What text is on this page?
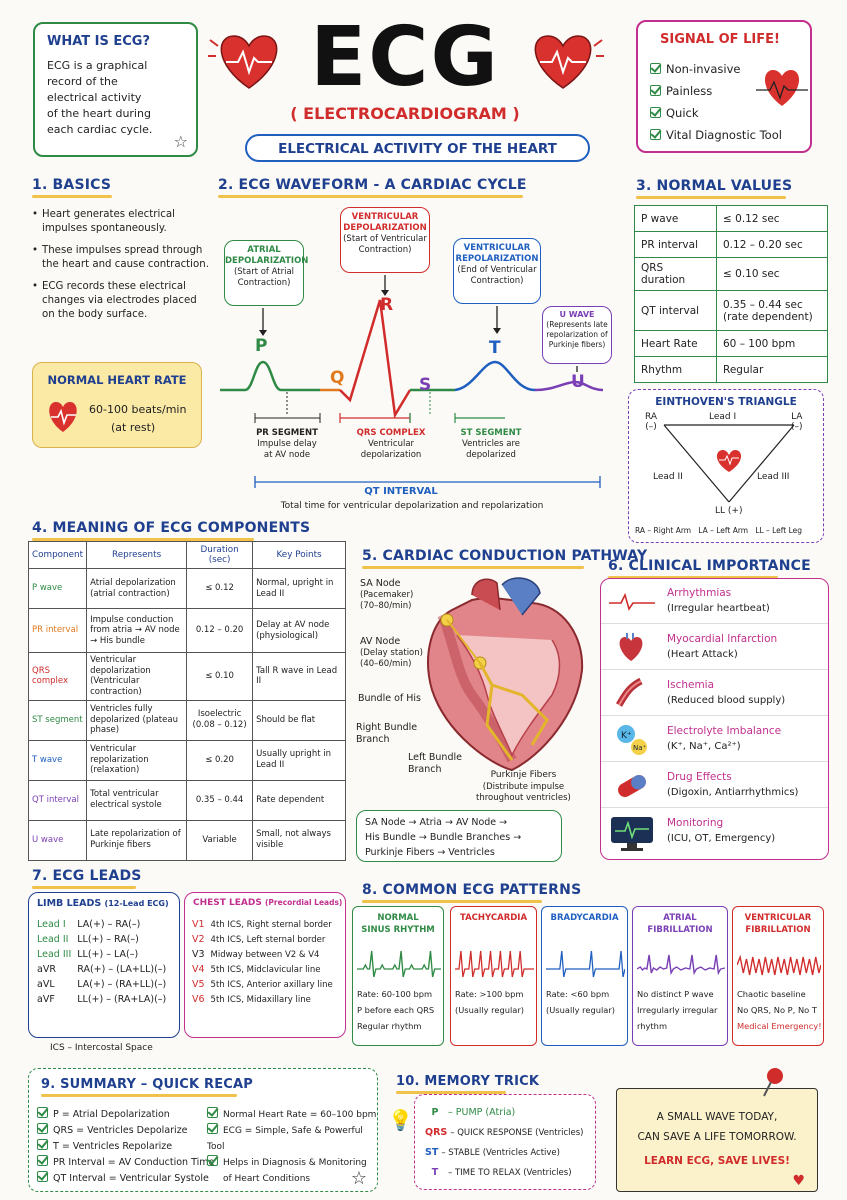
WHAT IS ECG?
ECG is a graphical
record of the
electrical activity
of the heart during
each cardiac cycle.
☆
ECG
( ELECTROCARDIOGRAM )
ELECTRICAL ACTIVITY OF THE HEART
SIGNAL OF LIFE!
Non-invasive
Painless
Quick
Vital Diagnostic Tool
1. BASICS
• Heart generates electrical
impulses spontaneously.
• These impulses spread through
the heart and cause contraction.
• ECG records these electrical
changes via electrodes placed
on the body surface.
NORMAL HEART RATE
60-100 beats/min
(at rest)
2. ECG WAVEFORM - A CARDIAC CYCLE
ATRIAL
DEPOLARIZATION
(Start of Atrial
Contraction)
VENTRICULAR
DEPOLARIZATION
(Start of Ventricular
Contraction)	VENTRICULAR
REPOLARIZATION
(End of Ventricular
Contraction)
U WAVE
(Represents late
repolarization of
Purkinje fibers)
P
Q
R
S
T
U
PR SEGMENT
Impulse delay
at AV node
QRS COMPLEX
Ventricular
depolarization
ST SEGMENT
Ventricles are
depolarized
QT INTERVAL
Total time for ventricular depolarization and repolarization
3. NORMAL VALUES
P wave	≤ 0.12 sec
PR interval	0.12 – 0.20 sec
QRS duration	≤ 0.10 sec
QT interval	0.35 – 0.44 sec
(rate dependent)

Heart Rate	60 – 100 bpm
Rhythm	Regular
EINTHOVEN'S TRIANGLE
RA
(–)
LA
(–)
LL (+)
Lead I
Lead II	Lead III
RA – Right Arm   LA – Left Arm   LL – Left Leg
4. MEANING OF ECG COMPONENTS
Component	Represents	Duration (sec)	Key Points
P wave	Atrial depolarization (atrial contraction)	≤ 0.12	Normal, upright in Lead II
PR interval	Impulse conduction from atria → AV node → His bundle	0.12 – 0.20	Delay at AV node (physiological)
QRS complex	Ventricular depolarization (Ventricular contraction)	≤ 0.10	Tall R wave in Lead II
ST segment	Ventricles fully depolarized (plateau phase)	Isoelectric (0.08 – 0.12)	Should be flat
T wave	Ventricular repolarization (relaxation)	≤ 0.20	Usually upright in Lead II
QT interval	Total ventricular electrical systole	0.35 – 0.44	Rate dependent
U wave	Late repolarization of Purkinje fibers	Variable	Small, not always visible
5. CARDIAC CONDUCTION PATHWAY
SA Node
(Pacemaker)
(70–80/min)
AV Node
(Delay station)
(40–60/min)
Bundle of His
Right Bundle
Branch
Left Bundle
Branch	Purkinje Fibers
(Distribute impulse
throughout ventricles)
SA Node → Atria → AV Node →
His Bundle → Bundle Branches →
Purkinje Fibers → Ventricles
6. CLINICAL IMPORTANCE
Arrhythmias
(Irregular heartbeat)
Myocardial Infarction
(Heart Attack)
Ischemia
(Reduced blood supply)
K⁺
Na⁺
Electrolyte Imbalance
(K⁺, Na⁺, Ca²⁺)
Drug Effects
(Digoxin, Antiarrhythmics)
Monitoring
(ICU, OT, Emergency)
7. ECG LEADS
LIMB LEADS (12-Lead ECG)
Lead I	LA(+) – RA(–)
Lead II	LL(+) – RA(–)
Lead III	LL(+) – LA(–)
aVR	RA(+) – (LA+LL)(–)
aVL	LA(+) – (RA+LL)(–)
aVF	LL(+) – (RA+LA)(–)
CHEST LEADS (Precordial Leads)
V1	4th ICS, Right sternal border
V2	4th ICS, Left sternal border
V3	Midway between V2 & V4
V4	5th ICS, Midclavicular line
V5	5th ICS, Anterior axillary line
V6	5th ICS, Midaxillary line
ICS – Intercostal Space
8. COMMON ECG PATTERNS
NORMAL
SINUS RHYTHM
Rate: 60-100 bpm
P before each QRS
Regular rhythm
TACHYCARDIA
Rate: >100 bpm
(Usually regular)
BRADYCARDIA
Rate: <60 bpm
(Usually regular)
ATRIAL
FIBRILLATION
No distinct P wave
Irregularly irregular
rhythm
VENTRICULAR
FIBRILLATION
Chaotic baseline
No QRS, No P, No T
Medical Emergency!
9. SUMMARY – QUICK RECAP
P = Atrial Depolarization
QRS = Ventricles Depolarize
T = Ventricles Repolarize
PR Interval = AV Conduction Time
QT Interval = Ventricular Systole
Normal Heart Rate = 60–100 bpm
ECG = Simple, Safe & Powerful Tool
Helps in Diagnosis & Monitoring
of Heart Conditions	☆
💡
10. MEMORY TRICK
P – PUMP (Atria)
QRS – QUICK RESPONSE (Ventricles)
ST – STABLE (Ventricles Active)
T – TIME TO RELAX (Ventricles)
A SMALL WAVE TODAY,
CAN SAVE A LIFE TOMORROW.
LEARN ECG, SAVE LIVES!
♥
